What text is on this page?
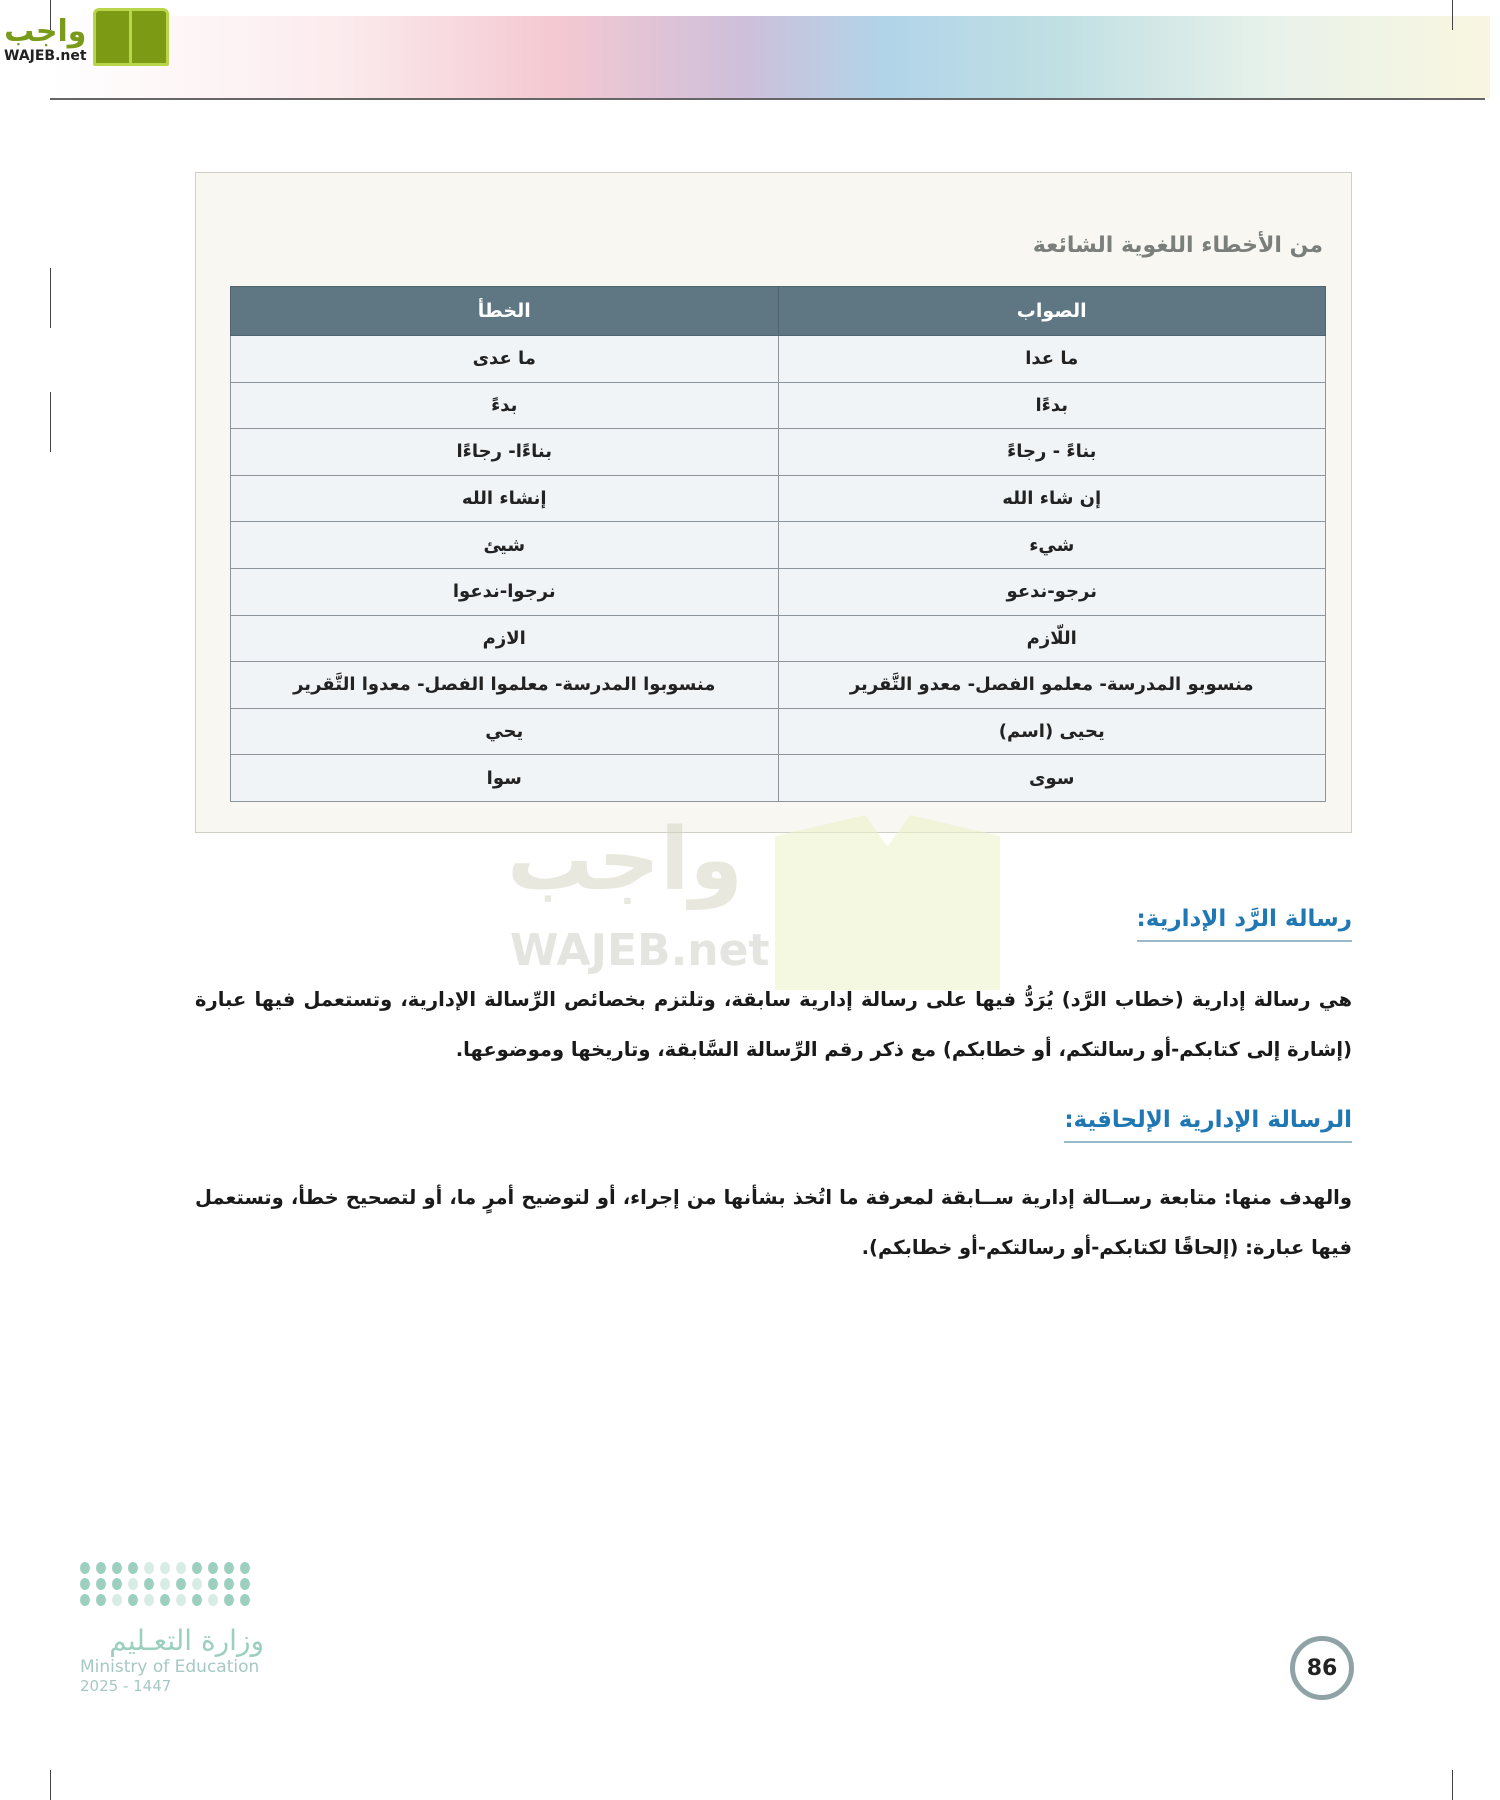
واجب
WAJEB.net
من الأخطاء اللغوية الشائعة
الصواب	الخطأ
ما عدا	ما عدى
بدءًا	بدءً
بناءً - رجاءً	بناءًا- رجاءًا
إن شاء الله	إنشاء الله
شيء	شيئ
نرجو-ندعو	نرجوا-ندعوا
اللّازم	الازم
منسوبو المدرسة- معلمو الفصل- معدو التَّقرير	منسوبوا المدرسة- معلموا الفصل- معدوا التَّقرير
يحيى (اسم)	يحي
سوى	سوا
واجب
WAJEB.net
رسالة الرَّد الإدارية:
هي رسالة إدارية (خطاب الرَّد) يُرَدُّ فيها على رسالة إدارية سابقة، وتلتزم بخصائص الرِّسالة الإدارية، وتستعمل فيها عبارة (إشارة إلى كتابكم-أو رسالتكم، أو خطابكم) مع ذكر رقم الرِّسالة السَّابقة، وتاريخها وموضوعها.
الرسالة الإدارية الإلحاقية:
والهدف منها: متابعة رســالة إدارية ســابقة لمعرفة ما اتُخذ بشأنها من إجراء، أو لتوضيح أمرٍ ما، أو لتصحيح خطأ، وتستعمل فيها عبارة: (إلحاقًا لكتابكم-أو رسالتكم-أو خطابكم).
وزارة التعـليم
Ministry of Education
2025 - 1447
86
